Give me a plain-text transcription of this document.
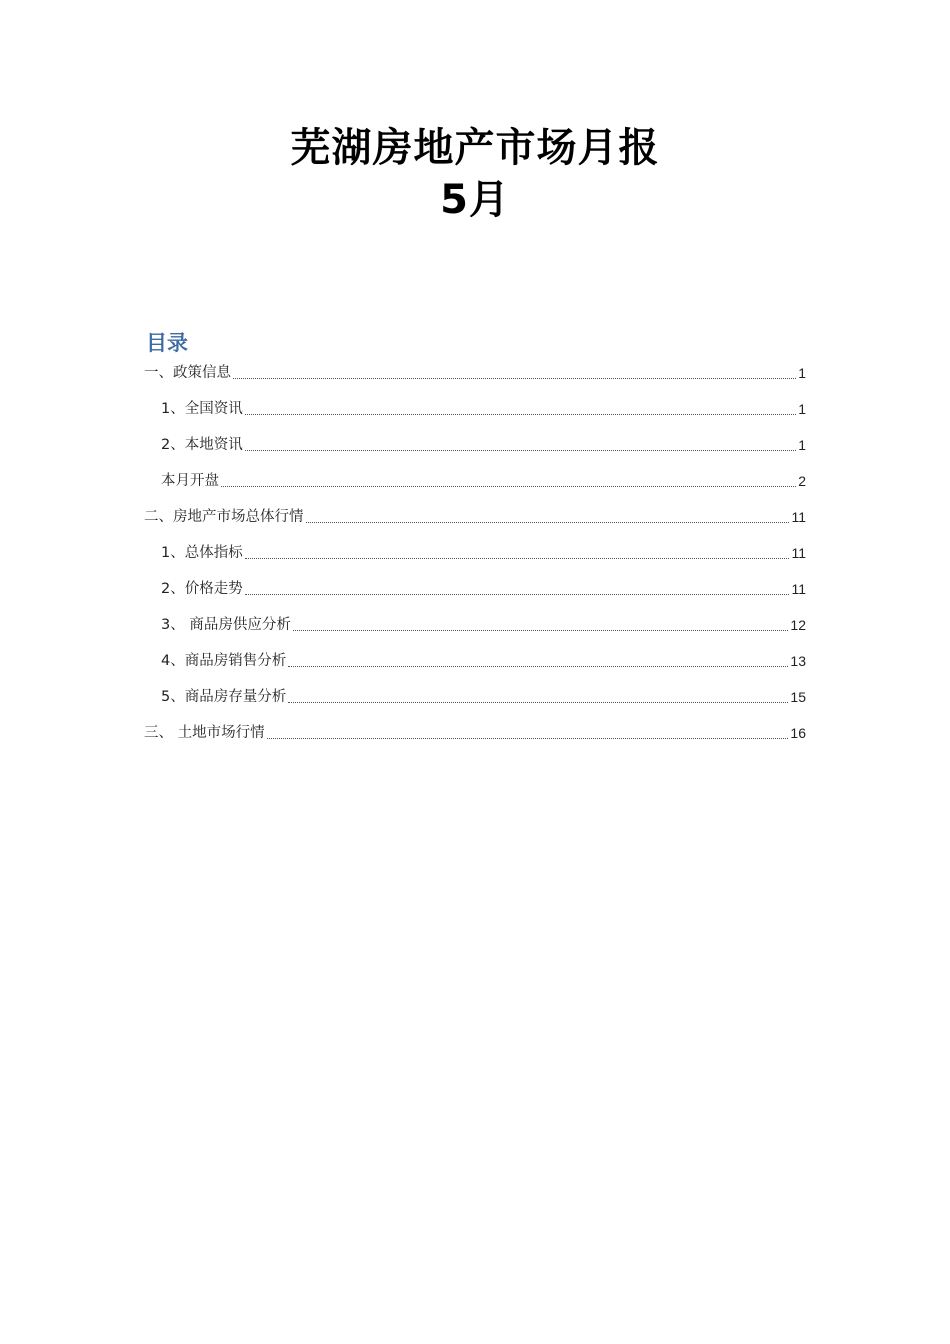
芜湖房地产市场月报
5月
目录
一、政策信息	1
1、全国资讯	1
2、本地资讯	1
本月开盘	2
二、房地产市场总体行情	11
1、总体指标	11
2、价格走势	11
3、 商品房供应分析	12
4、商品房销售分析	13
5、商品房存量分析	15
三、 土地市场行情	16
